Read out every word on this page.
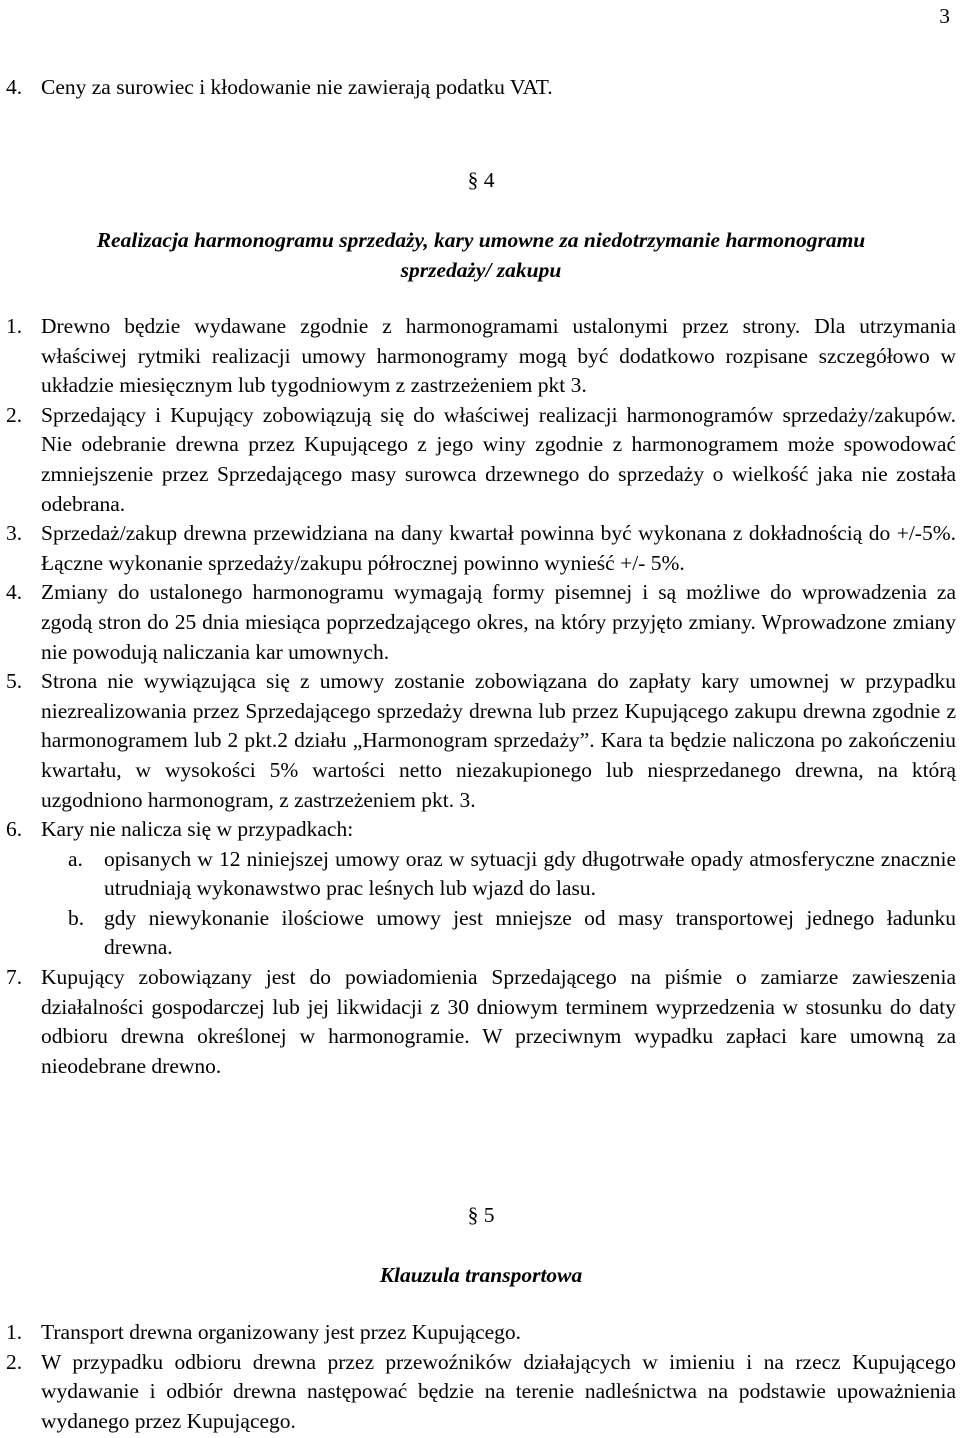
3
4. Ceny za surowiec i kłodowanie nie zawierają podatku VAT.

§ 4

Realizacja harmonogramu sprzedaży, kary umowne za niedotrzymanie harmonogramu

sprzedaży/ zakupu

1. Drewno będzie wydawane zgodnie z harmonogramami ustalonymi przez strony. Dla utrzymania właściwej rytmiki realizacji umowy harmonogramy mogą być dodatkowo rozpisane szczegółowo w układzie miesięcznym lub tygodniowym z zastrzeżeniem pkt 3.
2. Sprzedający i Kupujący zobowiązują się do właściwej realizacji harmonogramów sprzedaży/zakupów. Nie odebranie drewna przez Kupującego z jego winy zgodnie z harmonogramem może spowodować zmniejszenie przez Sprzedającego masy surowca drzewnego do sprzedaży o wielkość jaka nie została odebrana.
3. Sprzedaż/zakup drewna przewidziana na dany kwartał powinna być wykonana z dokładnością do +/-5%. Łączne wykonanie sprzedaży/zakupu półrocznej powinno wynieść +/- 5%.
4. Zmiany do ustalonego harmonogramu wymagają formy pisemnej i są możliwe do wprowadzenia za zgodą stron do 25 dnia miesiąca poprzedzającego okres, na który przyjęto zmiany. Wprowadzone zmiany nie powodują naliczania kar umownych.
5. Strona nie wywiązująca się z umowy zostanie zobowiązana do zapłaty kary umownej w przypadku niezrealizowania przez Sprzedającego sprzedaży drewna lub przez Kupującego zakupu drewna zgodnie z harmonogramem lub 2 pkt.2 działu „Harmonogram sprzedaży”. Kara ta będzie naliczona po zakończeniu kwartału, w wysokości 5% wartości netto niezakupionego lub niesprzedanego drewna, na którą uzgodniono harmonogram, z zastrzeżeniem pkt. 3.
6. Kary nie nalicza się w przypadkach:
a. opisanych w 12 niniejszej umowy oraz w sytuacji gdy długotrwałe opady atmosferyczne znacznie utrudniają wykonawstwo prac leśnych lub wjazd do lasu.
b. gdy niewykonanie ilościowe umowy jest mniejsze od masy transportowej jednego ładunku drewna.
7. Kupujący zobowiązany jest do powiadomienia Sprzedającego na piśmie o zamiarze zawieszenia działalności gospodarczej lub jej likwidacji z 30 dniowym terminem wyprzedzenia w stosunku do daty odbioru drewna określonej w harmonogramie. W przeciwnym wypadku zapłaci kare umowną za nieodebrane drewno.

§ 5

Klauzula transportowa

1. Transport drewna organizowany jest przez Kupującego.
2. W przypadku odbioru drewna przez przewoźników działających w imieniu i na rzecz Kupującego wydawanie i odbiór drewna następować będzie na terenie nadleśnictwa na podstawie upoważnienia wydanego przez Kupującego.
